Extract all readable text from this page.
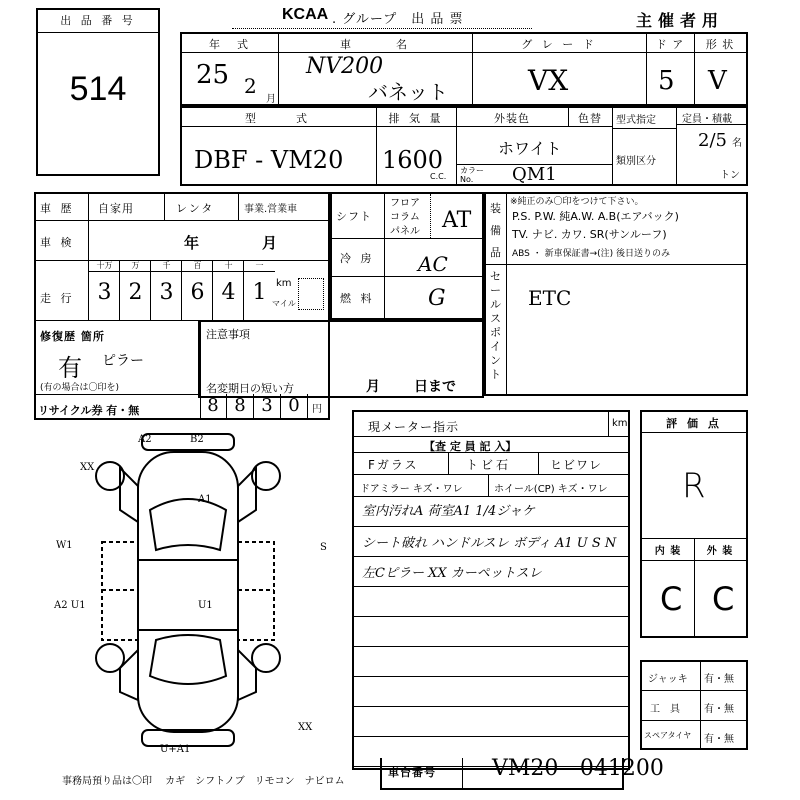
出 品 番 号
514
KCAA . グループ　出 品 票	主催者用
年　式
25 2
月
車　　　名
NV200
バネット
グ レ ー ド
VX
ド ア
5
形 状
V
型　　式
DBF - VM20
排 気 量
1600
C.C.
外装色	色替
ホワイト
カラー No.	QM1
型式指定
類別区分
定員・積載
2/5 名
トン
車 歴 自家用	レンタ	事業.営業車
車 検	年	月
走 行
十万
3
万
2
千
3
百
6
十
4
一
1 km
マイル
修復歴 箇所
有 ピラー
(有の場合は〇印を)
リサイクル券 有・無	8 8 3 0	円
シフト
フロア
コラム
パネル AT
冷 房 AC
燃 料 G
装備品
※純正のみ〇印をつけて下さい。
P.S. P.W. 純A.W. A.B(エアバック)
TV. ナビ. カワ. SR(サンルーフ)
ABS ・ 新車保証書→(注) 後日送りのみ
セールスポイント
ETC
注意事項
名変期日の短い方	月 日まで
A2	B2
XX
A1
W1	S
A2 U1	U1
XX
U+A1
現メーター指示	km
【査 定 員 記 入】
Fガラス	トビ石	ヒビワレ
ドアミラー キズ・ワレ	ホイール(CP) キズ・ワレ
室内汚れA 荷室A1 1/4ジャケ
シート破れ ハンドルスレ ボディ A1 U S N
左Cピラー XX カーペットスレ
評 価 点
R
内 装	外 装
C C
ジャッキ
工　具
スペアタイヤ
有・無
有・無
有・無
事務局預り品は〇印　 カギ　シフトノブ　リモコン　ナビロム
車台番号	VM20 - 041200
